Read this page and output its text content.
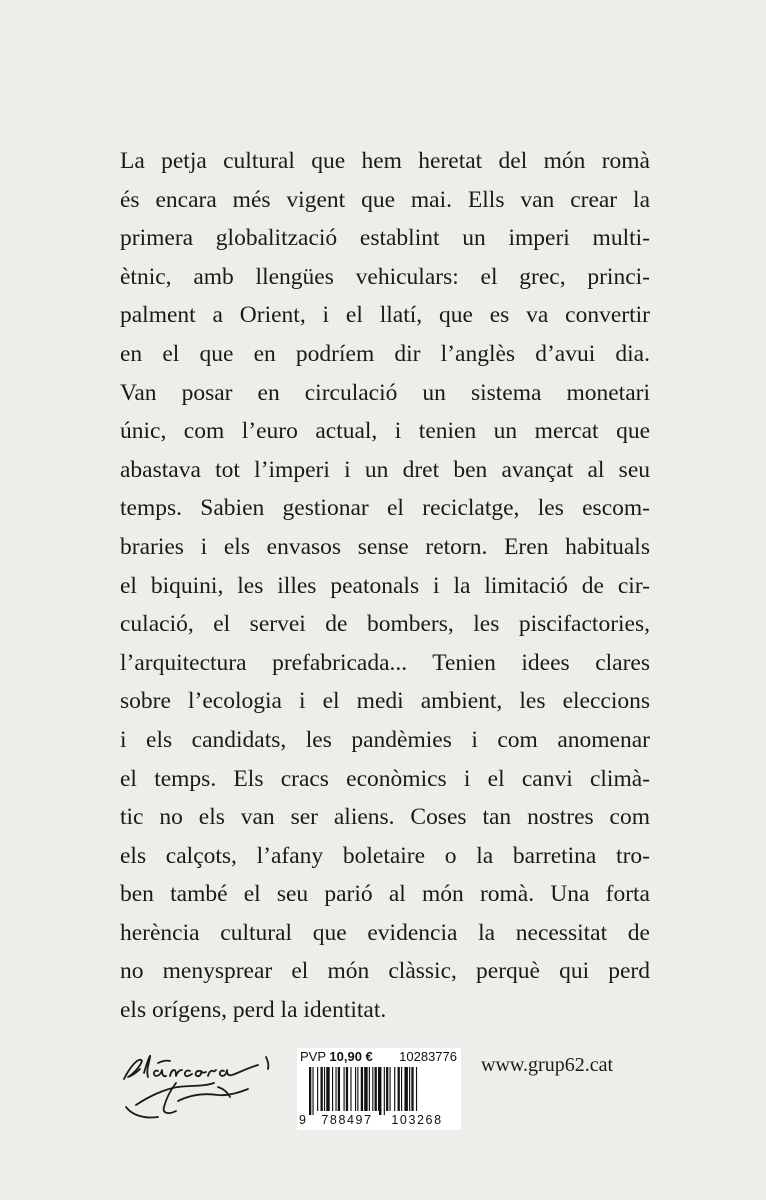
La petja cultural que hem heretat del món romà
és encara més vigent que mai. Ells van crear la
primera globalització establint un imperi multi-
ètnic, amb llengües vehiculars: el grec, princi-
palment a Orient, i el llatí, que es va convertir
en el que en podríem dir l’anglès d’avui dia.
Van posar en circulació un sistema monetari
únic, com l’euro actual, i tenien un mercat que
abastava tot l’imperi i un dret ben avançat al seu
temps. Sabien gestionar el reciclatge, les escom-
braries i els envasos sense retorn. Eren habituals
el biquini, les illes peatonals i la limitació de cir-
culació, el servei de bombers, les piscifactories,
l’arquitectura prefabricada... Tenien idees clares
sobre l’ecologia i el medi ambient, les eleccions
i els candidats, les pandèmies i com anomenar
el temps. Els cracs econòmics i el canvi climà-
tic no els van ser aliens. Coses tan nostres com
els calçots, l’afany boletaire o la barretina tro-
ben també el seu parió al món romà. Una forta
herència cultural que evidencia la necessitat de
no menysprear el món clàssic, perquè qui perd
els orígens, perd la identitat.
PVP 10,90 € 10283776
9	788497	103268
www.grup62.cat
